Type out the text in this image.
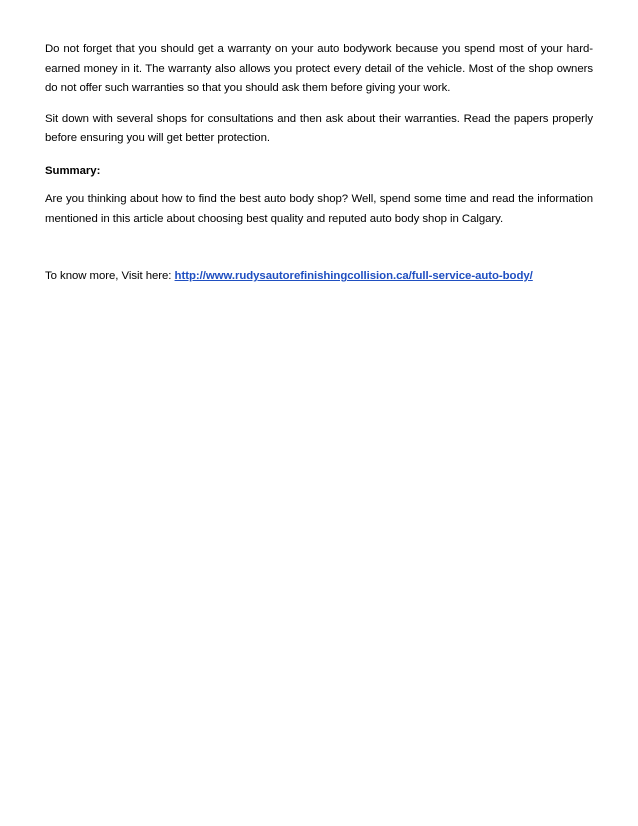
Do not forget that you should get a warranty on your auto bodywork because you spend most of your hard-earned money in it. The warranty also allows you protect every detail of the vehicle. Most of the shop owners do not offer such warranties so that you should ask them before giving your work.

Sit down with several shops for consultations and then ask about their warranties. Read the papers properly before ensuring you will get better protection.

Summary:

Are you thinking about how to find the best auto body shop? Well, spend some time and read the information mentioned in this article about choosing best quality and reputed auto body shop in Calgary.

To know more, Visit here: http://www.rudysautorefinishingcollision.ca/full-service-auto-body/
